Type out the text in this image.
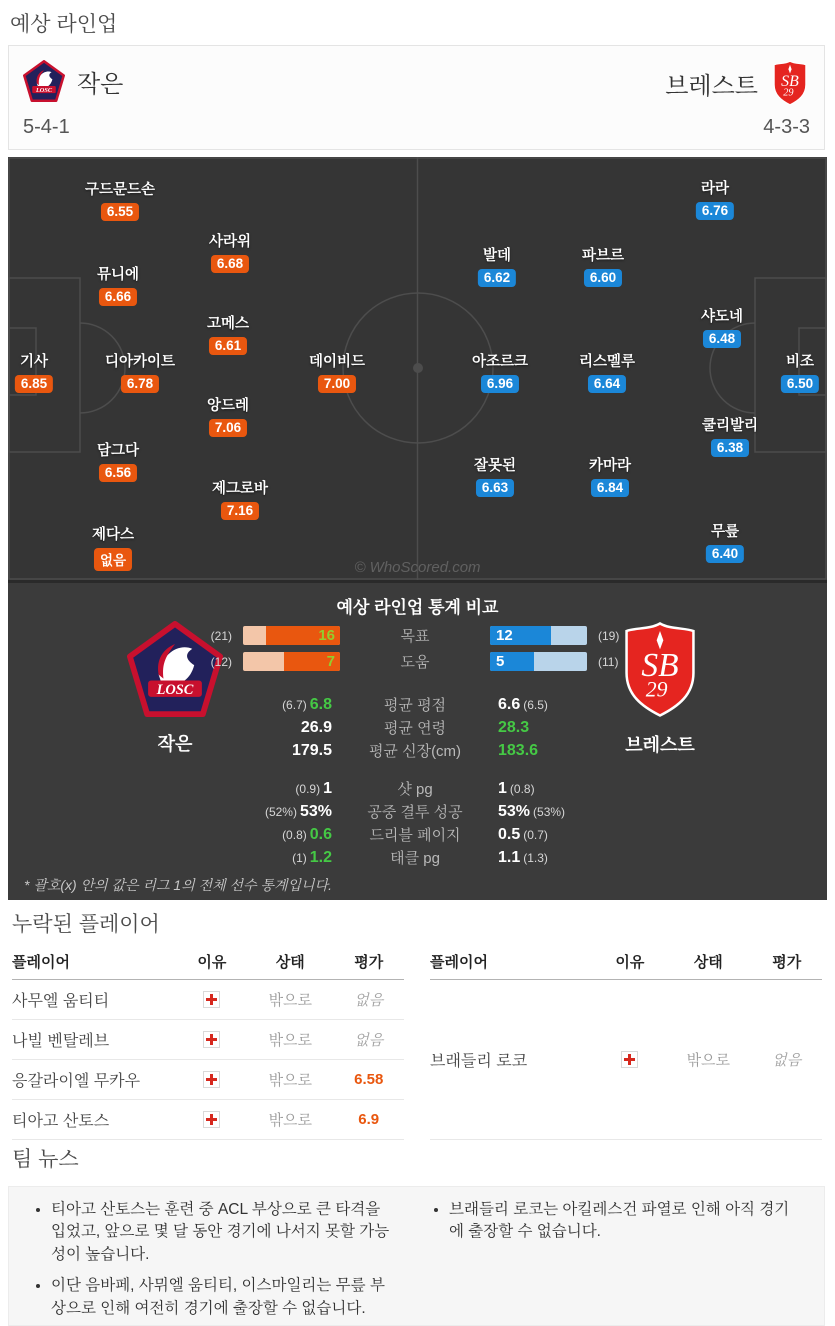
예상 라인업
LOSC 작은	브레스트 SB
29
5-4-1	4-3-3
구드문드손
6.55
사라위
6.68
뮤니에
6.66
고메스
6.61
기사
6.85
디아카이트
6.78
데이비드
7.00
앙드레
7.06
담그다
6.56
제그로바
7.16
제다스
없음
라라
6.76
발데
6.62
파브르
6.60
샤도네
6.48
아조르크
6.96
리스멜루
6.64
비조
6.50
쿨리발리
6.38
잘못된
6.63
카마라
6.84
무릎
6.40
© WhoScored.com
예상 라인업 통계 비교
LOSC
작은
SB
29
브레스트
(21)	16	목표	12	(19)
(12)	7	도움	5	(11)
(6.7) 6.8	평균 평점	6.6 (6.5)
26.9	평균 연령	28.3
179.5	평균 신장(cm)	183.6
(0.9) 1	샷 pg	1 (0.8)
(52%) 53%	공중 결투 성공	53% (53%)
(0.8) 0.6	드리블 페이지	0.5 (0.7)
(1) 1.2	태클 pg	1.1 (1.3)
* 괄호(x) 안의 값은 리그 1의 전체 선수 통계입니다.
누락된 플레이어
플레이어	이유	상태	평가
사무엘 움티티		밖으로	없음
나빌 벤탈레브		밖으로	없음
응갈라이엘 무카우		밖으로	6.58
티아고 산토스		밖으로	6.9
플레이어	이유	상태	평가
브래들리 로코		밖으로	없음
팀 뉴스
• 티아고 산토스는 훈련 중 ACL 부상으로 큰 타격을 입었고, 앞으로 몇 달 동안 경기에 나서지 못할 가능성이 높습니다.
• 이단 음바페, 사뮈엘 움티티, 이스마일리는 무릎 부상으로 인해 여전히 경기에 출장할 수 없습니다.
• 브래들리 로코는 아킬레스건 파열로 인해 아직 경기에 출장할 수 없습니다.
